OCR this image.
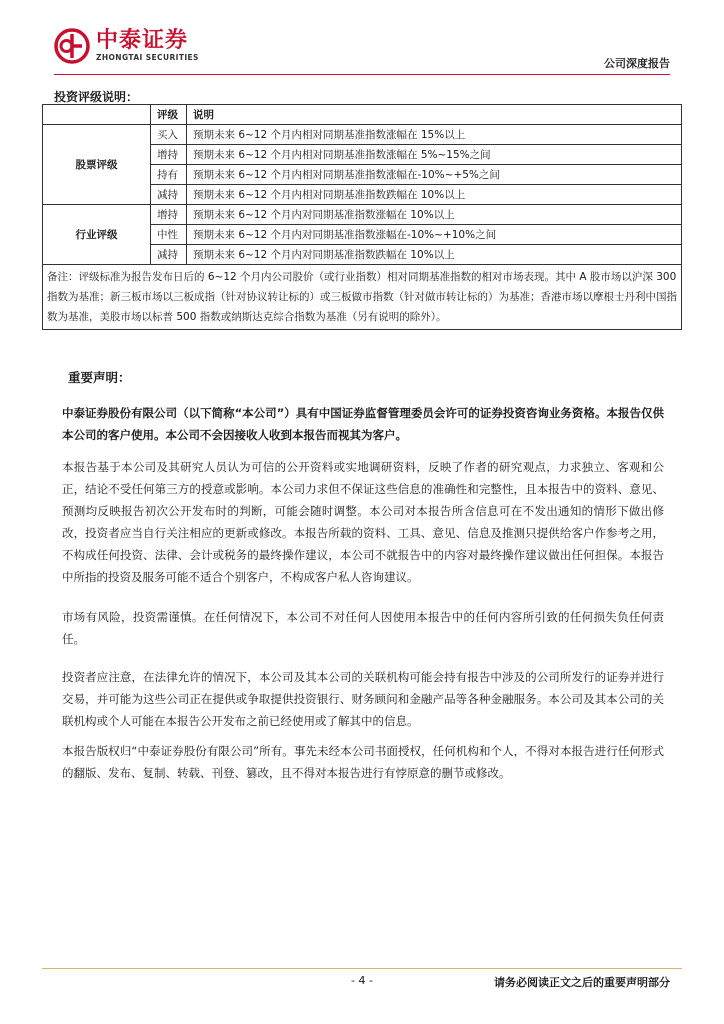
中泰证券
ZHONGTAI SECURITIES	公司深度报告
投资评级说明：
	评级	说明
股票评级	买入	预期未来 6~12 个月内相对同期基准指数涨幅在 15%以上
	增持	预期未来 6~12 个月内相对同期基准指数涨幅在 5%~15%之间
	持有	预期未来 6~12 个月内相对同期基准指数涨幅在-10%~+5%之间
	减持	预期未来 6~12 个月内相对同期基准指数跌幅在 10%以上
行业评级	增持	预期未来 6~12 个月内对同期基准指数涨幅在 10%以上
	中性	预期未来 6~12 个月内对同期基准指数涨幅在-10%~+10%之间
	减持	预期未来 6~12 个月内对同期基准指数跌幅在 10%以上
备注：评级标准为报告发布日后的 6~12 个月内公司股价（或行业指数）相对同期基准指数的相对市场表现。其中 A 股市场以沪深 300 指数为基准；新三板市场以三板成指（针对协议转让标的）或三板做市指数（针对做市转让标的）为基准；香港市场以摩根士丹利中国指数为基准，美股市场以标普 500 指数或纳斯达克综合指数为基准（另有说明的除外）。		
重要声明：
中泰证券股份有限公司（以下简称“本公司”）具有中国证券监督管理委员会许可的证券投资咨询业务资格。本报告仅供本公司的客户使用。本公司不会因接收人收到本报告而视其为客户。
本报告基于本公司及其研究人员认为可信的公开资料或实地调研资料，反映了作者的研究观点，力求独立、客观和公正，结论不受任何第三方的授意或影响。本公司力求但不保证这些信息的准确性和完整性，且本报告中的资料、意见、预测均反映报告初次公开发布时的判断，可能会随时调整。本公司对本报告所含信息可在不发出通知的情形下做出修改，投资者应当自行关注相应的更新或修改。本报告所载的资料、工具、意见、信息及推测只提供给客户作参考之用，不构成任何投资、法律、会计或税务的最终操作建议，本公司不就报告中的内容对最终操作建议做出任何担保。本报告中所指的投资及服务可能不适合个别客户，不构成客户私人咨询建议。
市场有风险，投资需谨慎。在任何情况下，本公司不对任何人因使用本报告中的任何内容所引致的任何损失负任何责任。
投资者应注意，在法律允许的情况下，本公司及其本公司的关联机构可能会持有报告中涉及的公司所发行的证券并进行交易，并可能为这些公司正在提供或争取提供投资银行、财务顾问和金融产品等各种金融服务。本公司及其本公司的关联机构或个人可能在本报告公开发布之前已经使用或了解其中的信息。
本报告版权归“中泰证券股份有限公司”所有。事先未经本公司书面授权，任何机构和个人，不得对本报告进行任何形式的翻版、发布、复制、转载、刊登、篡改，且不得对本报告进行有悖原意的删节或修改。
- 4 -	请务必阅读正文之后的重要声明部分
